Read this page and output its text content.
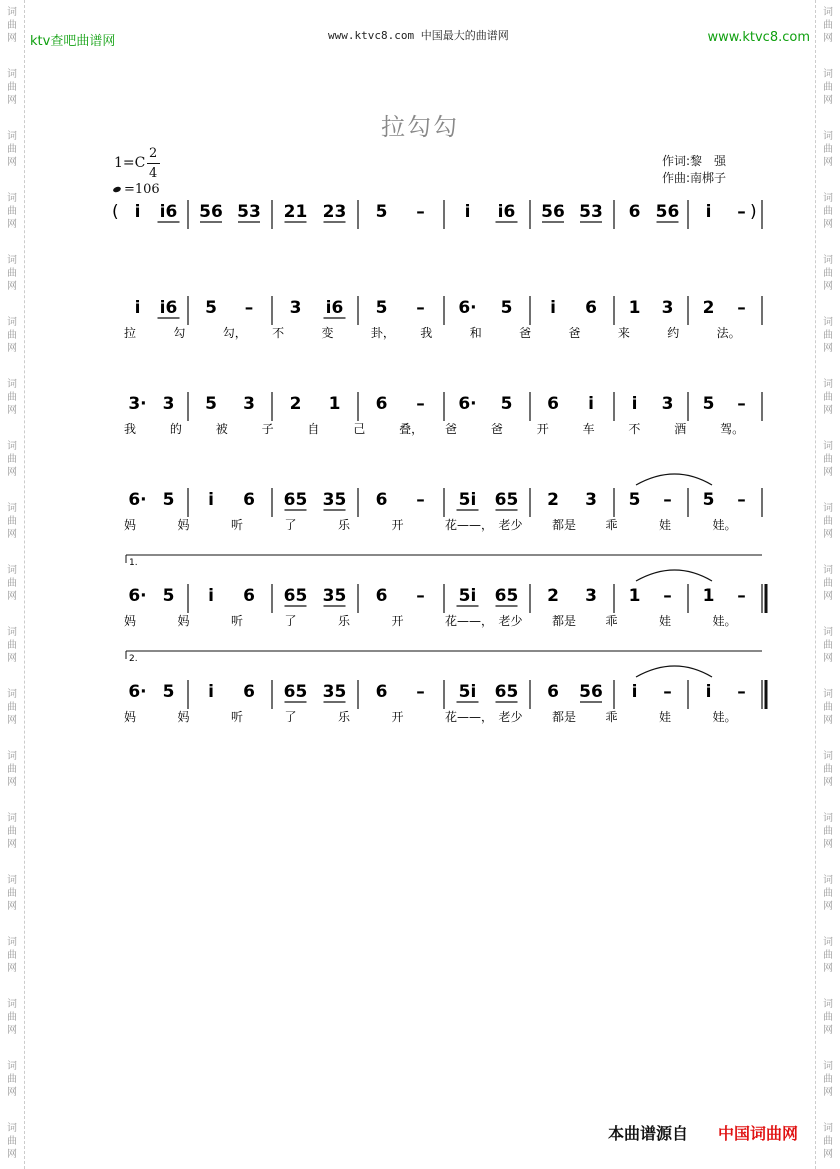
词
曲
网
词
曲
网
词
曲
网
词
曲
网
词
曲
网
词
曲
网
词
曲
网
词
曲
网
词
曲
网
词
曲
网
词
曲
网
词
曲
网
词
曲
网
词
曲
网
词
曲
网
词
曲
网
词
曲
网
词
曲
网
词
曲
网
词
曲
网
词
曲
网
词
曲
网
词
曲
网
词
曲
网
词
曲
网
词
曲
网
词
曲
网
词
曲
网
词
曲
网
词
曲
网
词
曲
网
词
曲
网
词
曲
网
词
曲
网
词
曲
网
词
曲
网
词
曲
网
词
曲
网
ktv查吧曲谱网	www.ktvc8.com 中国最大的曲谱网	www.ktvc8.com
拉勾勾
1=C
2
4
=106
作词:黎　强
作曲:南梆子
i i6 56 53 21 23 5 – i i6 56 53 6 56 i –
i i6 5 – 3 i6 5 – 6· 5 i 6 1 3 2 –
拉	勾	勾， 不	变	卦， 我	和	爸	爸	来	约	法。
3· 3 5 3 2 1 6 – 6· 5 6 i i 3 5 –
我	的	被	子	自	己	叠， 爸	爸	开	车	不	酒	驾。
6· 5 i 6 65 35 6 – 5i 65 2 3 5 – 5 –
妈	妈	听	了	乐	开	花——， 老少 都是 乖	娃	娃。
1.
6· 5 i 6 65 35 6 – 5i 65 2 3 1 – 1 –
妈	妈	听	了	乐	开	花——， 老少 都是 乖	娃	娃。
2.
6· 5 i 6 65 35 6 – 5i 65 6 56 i – i –
妈	妈	听	了	乐	开	花——， 老少 都是 乖	娃	娃。
(	)
本曲谱源自 中国词曲网
